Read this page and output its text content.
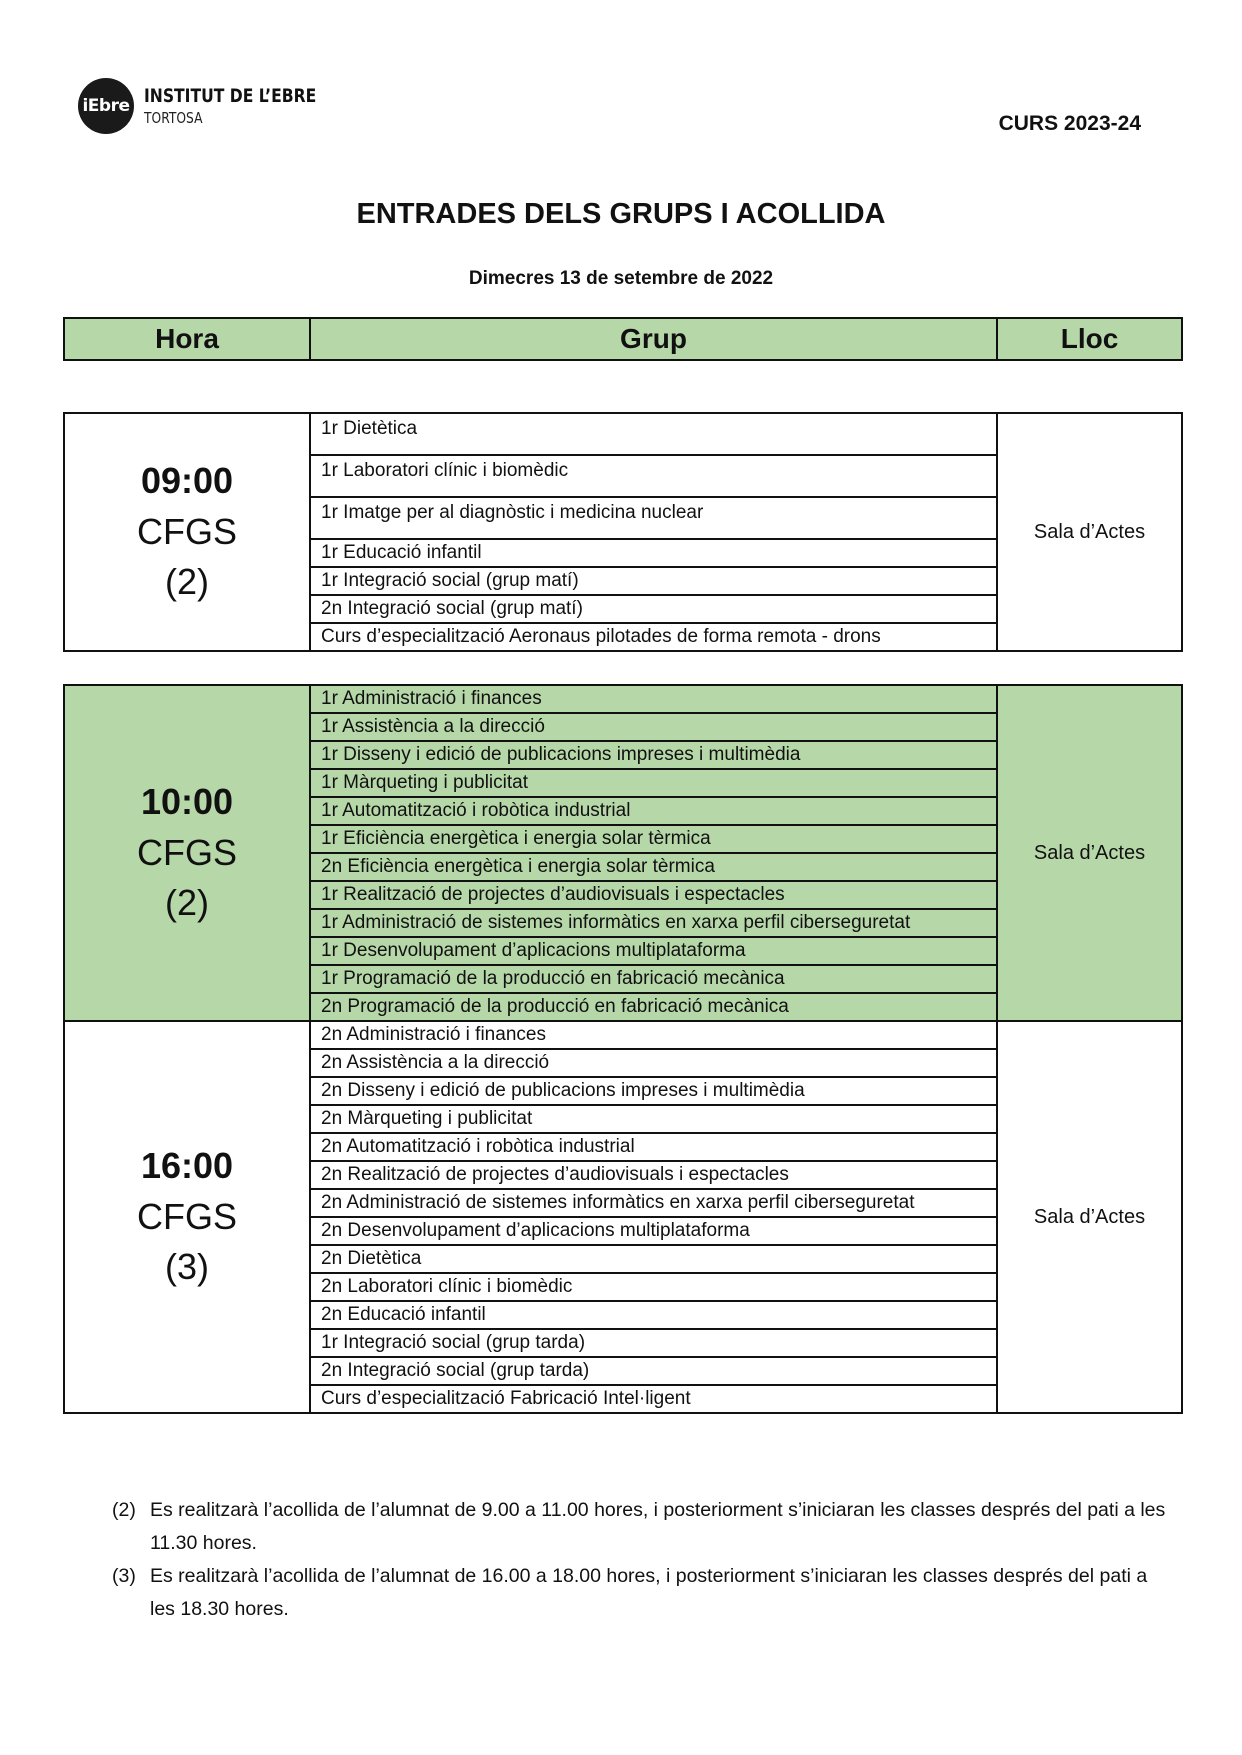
iEbre INSTITUT DE L’EBRE
TORTOSA	CURS 2023-24
ENTRADES DELS GRUPS I ACOLLIDA
Dimecres 13 de setembre de 2022
Hora	Grup	Lloc
09:00
CFGS
(2)
	1r Dietètica	Sala d’Actes
1r Laboratori clínic i biomèdic
1r Imatge per al diagnòstic i medicina nuclear
1r Educació infantil
1r Integració social (grup matí)
2n Integració social (grup matí)
Curs d’especialització Aeronaus pilotades de forma remota - drons
10:00
CFGS
(2)	1r Administració i finances	Sala d’Actes
	1r Assistència a la direcció	
	1r Disseny i edició de publicacions impreses i multimèdia	
	1r Màrqueting i publicitat	
	1r Automatització i robòtica industrial	
	1r Eficiència energètica i energia solar tèrmica	
	2n Eficiència energètica i energia solar tèrmica	
	1r Realització de projectes d’audiovisuals i espectacles	
	1r Administració de sistemes informàtics en xarxa perfil ciberseguretat	
	1r Desenvolupament d’aplicacions multiplataforma	
	1r Programació de la producció en fabricació mecànica	
	2n Programació de la producció en fabricació mecànica	

16:00
CFGS
(3)	2n Administració i finances	Sala d’Actes
	2n Assistència a la direcció	
	2n Disseny i edició de publicacions impreses i multimèdia	
	2n Màrqueting i publicitat	
	2n Automatització i robòtica industrial	
	2n Realització de projectes d’audiovisuals i espectacles	
	2n Administració de sistemes informàtics en xarxa perfil ciberseguretat	
	2n Desenvolupament d’aplicacions multiplataforma	
	2n Dietètica	
	2n Laboratori clínic i biomèdic	
	2n Educació infantil	
	1r Integració social (grup tarda)	
	2n Integració social (grup tarda)	
	Curs d’especialització Fabricació Intel·ligent	
(2) Es realitzarà l’acollida de l’alumnat de 9.00 a 11.00 hores, i posteriorment s’iniciaran les classes després del pati a les 11.30 hores.
(3) Es realitzarà l’acollida de l’alumnat de 16.00 a 18.00 hores, i posteriorment s’iniciaran les classes després del pati a les 18.30 hores.
